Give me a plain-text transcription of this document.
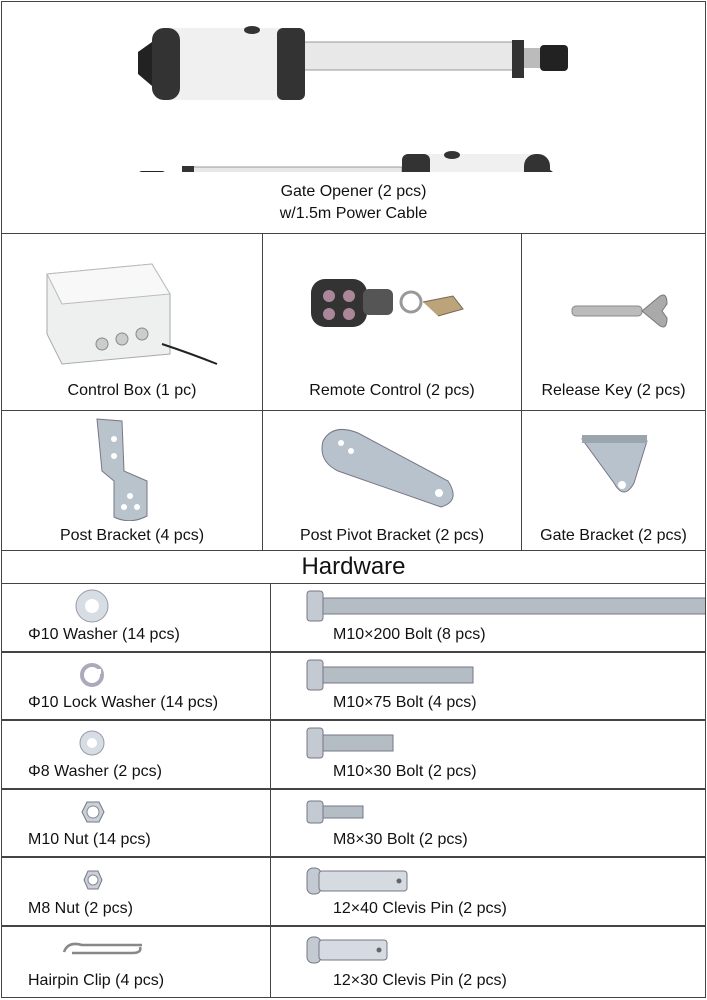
Gate Opener (2 pcs)
w/1.5m Power Cable
Control Box (1 pc)	Remote Control (2 pcs)	Release Key (2 pcs)
Post Bracket (4 pcs)	Post Pivot Bracket (2 pcs)	Gate Bracket (2 pcs)
Hardware
Φ10 Washer (14 pcs)	M10×200 Bolt (8 pcs)
Φ10 Lock Washer (14 pcs)	M10×75 Bolt (4 pcs)
Φ8 Washer (2 pcs)	M10×30 Bolt (2 pcs)
M10 Nut (14 pcs)	M8×30 Bolt (2 pcs)
M8 Nut (2 pcs)	12×40 Clevis Pin (2 pcs)
Hairpin Clip (4 pcs)	12×30 Clevis Pin (2 pcs)
